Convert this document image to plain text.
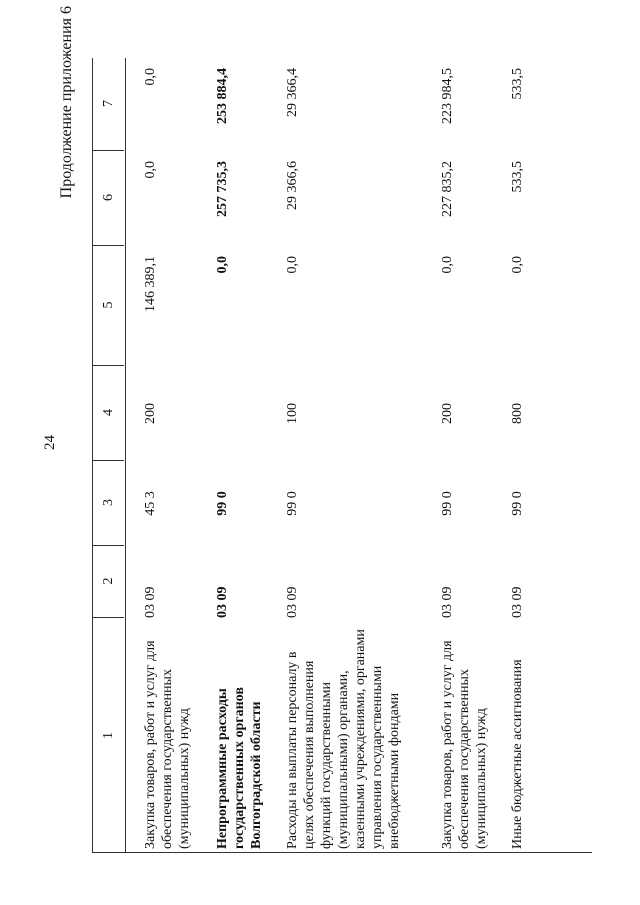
24
Продолжение приложения 6
1
2
3
4
5
6
7
Закупка товаров, работ и услуг для обеспечения государственных (муниципальных) нужд
03 09
45 3
200
146 389,1
0,0
0,0
Непрограммные расходы государственных органов Волгоградской области
03 09
99 0
0,0
257 735,3
253 884,4
Расходы на выплаты персоналу в целях обеспечения выполнения функций государственными (муниципальными) органами, казенными учреждениями, органами управления государственными внебюджетными фондами
03 09
99 0
100
0,0
29 366,6
29 366,4
Закупка товаров, работ и услуг для обеспечения государственных (муниципальных) нужд
03 09
99 0
200
0,0
227 835,2
223 984,5
Иные бюджетные ассигнования
03 09
99 0
800
0,0
533,5
533,5
